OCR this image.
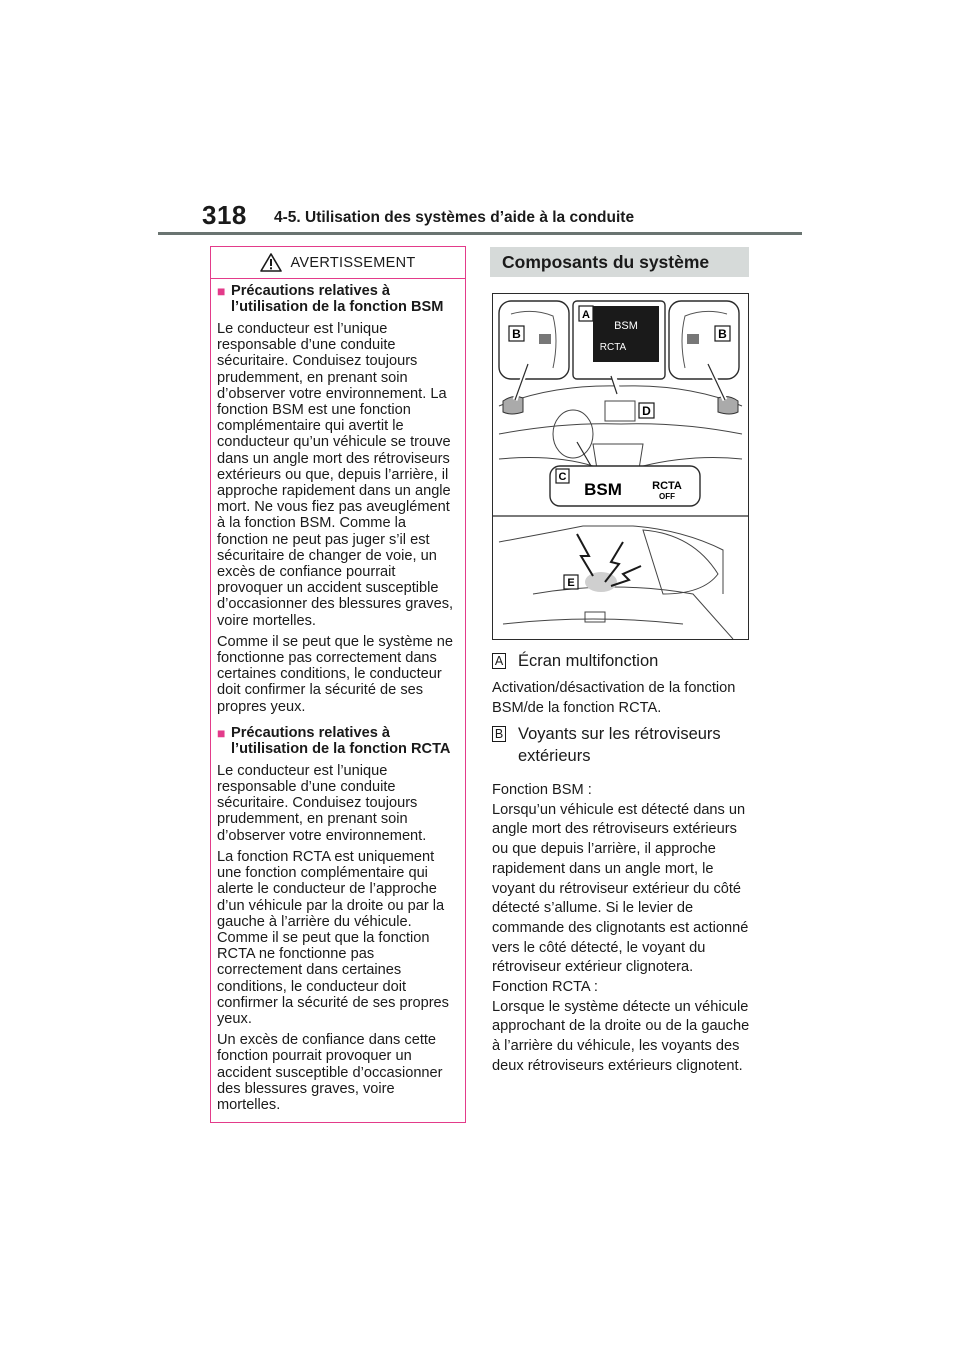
318 4-5. Utilisation des systèmes d’aide à la conduite
AVERTISSEMENT
■ Précautions relatives à l’utilisation de la fonction BSM

Le conducteur est l’unique responsable d’une conduite sécuritaire. Conduisez toujours prudemment, en prenant soin d’observer votre environnement. La fonction BSM est une fonction complémentaire qui avertit le conducteur qu’un véhicule se trouve dans un angle mort des rétroviseurs extérieurs ou que, depuis l’arrière, il approche rapidement dans un angle mort. Ne vous fiez pas aveuglément à la fonction BSM. Comme la fonction ne peut pas juger s’il est sécuritaire de changer de voie, un excès de confiance pourrait provoquer un accident susceptible d’occasionner des blessures graves, voire mortelles.

Comme il se peut que le système ne fonctionne pas correctement dans certaines conditions, le conducteur doit confirmer la sécurité de ses propres yeux.

■ Précautions relatives à l’utilisation de la fonction RCTA

Le conducteur est l’unique responsable d’une conduite sécuritaire. Conduisez toujours prudemment, en prenant soin d’observer votre environnement.

La fonction RCTA est uniquement une fonction complémentaire qui alerte le conducteur de l’approche d’un véhicule par la droite ou par la gauche à l’arrière du véhicule. Comme il se peut que la fonction RCTA ne fonctionne pas correctement dans certaines conditions, le conducteur doit confirmer la sécurité de ses propres yeux.

Un excès de confiance dans cette fonction pourrait provoquer un accident susceptible d’occasionner des blessures graves, voire mortelles.

Composants du système
B
A
BSM
RCTA
B
D
C
BSM	RCTA
OFF
E
A Écran multifonction
Activation/désactivation de la fonction BSM/de la fonction RCTA.
B Voyants sur les rétroviseurs extérieurs
Fonction BSM :
Lorsqu’un véhicule est détecté dans un angle mort des rétroviseurs extérieurs ou que depuis l’arrière, il approche rapidement dans un angle mort, le voyant du rétroviseur extérieur du côté détecté s’allume. Si le levier de commande des clignotants est actionné vers le côté détecté, le voyant du rétroviseur extérieur clignotera.
Fonction RCTA :
Lorsque le système détecte un véhicule approchant de la droite ou de la gauche à l’arrière du véhicule, les voyants des deux rétroviseurs extérieurs clignotent.
